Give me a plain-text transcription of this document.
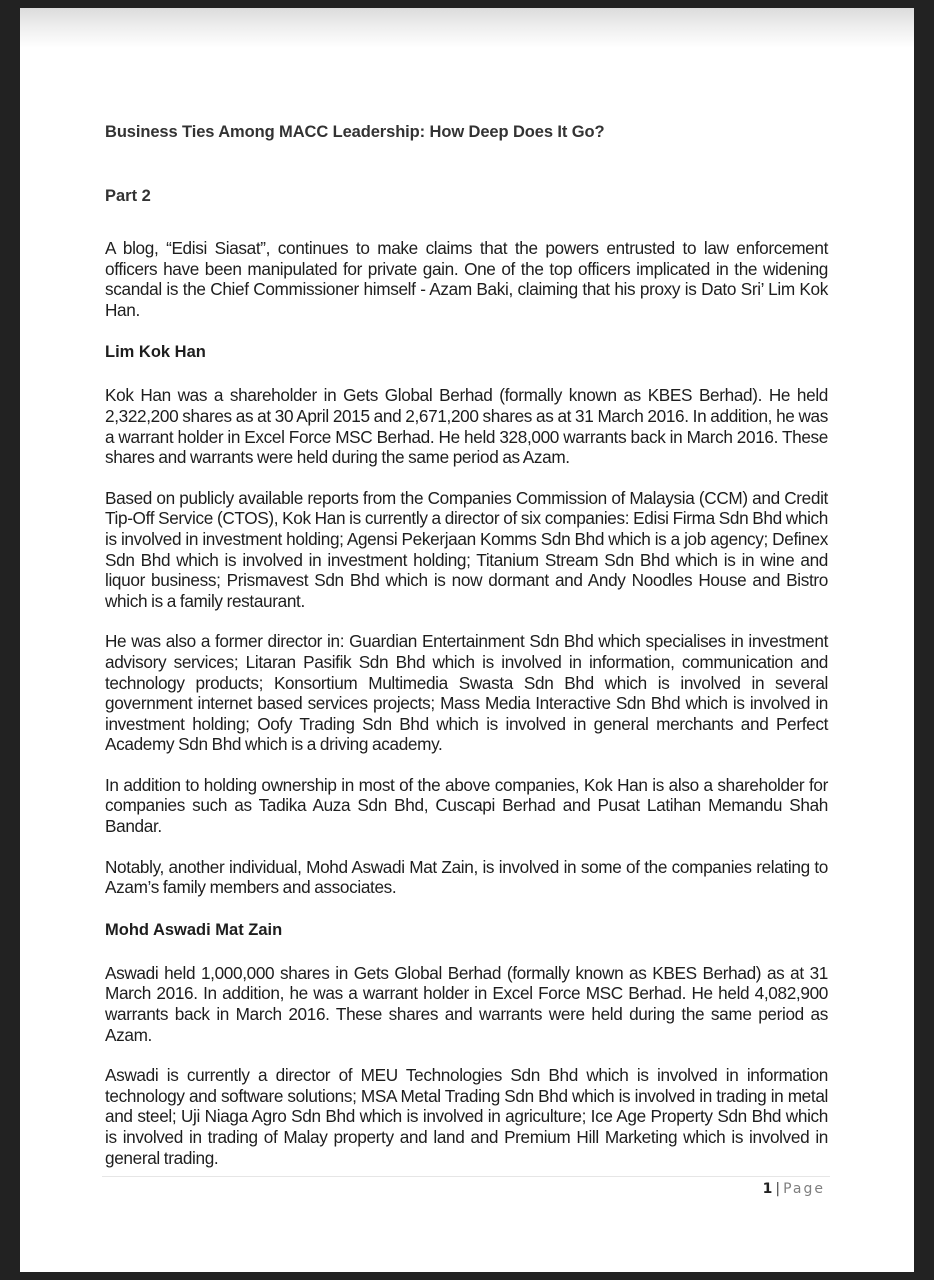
Business Ties Among MACC Leadership: How Deep Does It Go?
Part 2

A blog, “Edisi Siasat”, continues to make claims that the powers entrusted to law enforcement officers have been manipulated for private gain. One of the top officers implicated in the widening scandal is the Chief Commissioner himself - Azam Baki, claiming that his proxy is Dato Sri’ Lim Kok Han.

Lim Kok Han

Kok Han was a shareholder in Gets Global Berhad (formally known as KBES Berhad). He held 2,322,200 shares as at 30 April 2015 and 2,671,200 shares as at 31 March 2016. In addition, he was a warrant holder in Excel Force MSC Berhad. He held 328,000 warrants back in March 2016. These shares and warrants were held during the same period as Azam.

Based on publicly available reports from the Companies Commission of Malaysia (CCM) and Credit Tip-Off Service (CTOS), Kok Han is currently a director of six companies: Edisi Firma Sdn Bhd which is involved in investment holding; Agensi Pekerjaan Komms Sdn Bhd which is a job agency; Definex Sdn Bhd which is involved in investment holding; Titanium Stream Sdn Bhd which is in wine and liquor business; Prismavest Sdn Bhd which is now dormant and Andy Noodles House and Bistro which is a family restaurant.

He was also a former director in: Guardian Entertainment Sdn Bhd which specialises in investment advisory services; Litaran Pasifik Sdn Bhd which is involved in information, communication and technology products; Konsortium Multimedia Swasta Sdn Bhd which is involved in several government internet based services projects; Mass Media Interactive Sdn Bhd which is involved in investment holding; Oofy Trading Sdn Bhd which is involved in general merchants and Perfect Academy Sdn Bhd which is a driving academy.

In addition to holding ownership in most of the above companies, Kok Han is also a shareholder for companies such as Tadika Auza Sdn Bhd, Cuscapi Berhad and Pusat Latihan Memandu Shah Bandar.

Notably, another individual, Mohd Aswadi Mat Zain, is involved in some of the companies relating to Azam’s family members and associates.

Mohd Aswadi Mat Zain

Aswadi held 1,000,000 shares in Gets Global Berhad (formally known as KBES Berhad) as at 31 March 2016. In addition, he was a warrant holder in Excel Force MSC Berhad. He held 4,082,900 warrants back in March 2016. These shares and warrants were held during the same period as Azam.

Aswadi is currently a director of MEU Technologies Sdn Bhd which is involved in information technology and software solutions; MSA Metal Trading Sdn Bhd which is involved in trading in metal and steel; Uji Niaga Agro Sdn Bhd which is involved in agriculture; Ice Age Property Sdn Bhd which is involved in trading of Malay property and land and Premium Hill Marketing which is involved in general trading.

1 | Page
